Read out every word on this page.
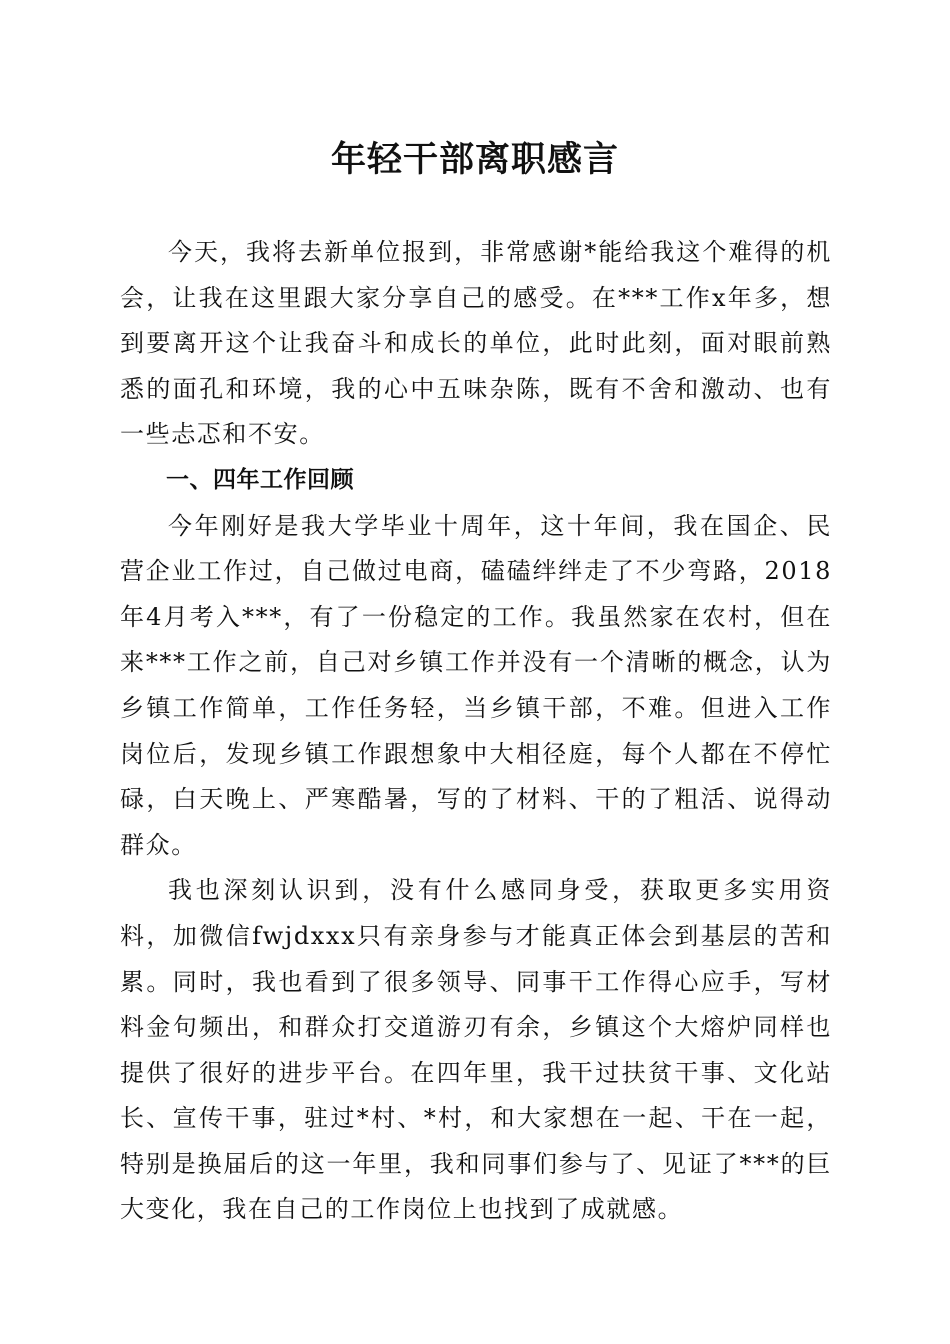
年轻干部离职感言

今天，我将去新单位报到，非常感谢*能给我这个难得的机会，让我在这里跟大家分享自己的感受。在***工作x年多，想到要离开这个让我奋斗和成长的单位，此时此刻，面对眼前熟悉的面孔和环境，我的心中五味杂陈，既有不舍和激动、也有一些忐忑和不安。

一、四年工作回顾

今年刚好是我大学毕业十周年，这十年间，我在国企、民营企业工作过，自己做过电商，磕磕绊绊走了不少弯路，2018年4月考入***，有了一份稳定的工作。我虽然家在农村，但在来***工作之前，自己对乡镇工作并没有一个清晰的概念，认为乡镇工作简单，工作任务轻，当乡镇干部，不难。但进入工作岗位后，发现乡镇工作跟想象中大相径庭，每个人都在不停忙碌，白天晚上、严寒酷暑，写的了材料、干的了粗活、说得动群众。

我也深刻认识到，没有什么感同身受，获取更多实用资料，加微信fwjdxxx只有亲身参与才能真正体会到基层的苦和累。同时，我也看到了很多领导、同事干工作得心应手，写材料金句频出，和群众打交道游刃有余，乡镇这个大熔炉同样也提供了很好的进步平台。在四年里，我干过扶贫干事、文化站长、宣传干事，驻过*村、*村，和大家想在一起、干在一起，特别是换届后的这一年里，我和同事们参与了、见证了***的巨大变化，我在自己的工作岗位上也找到了成就感。
